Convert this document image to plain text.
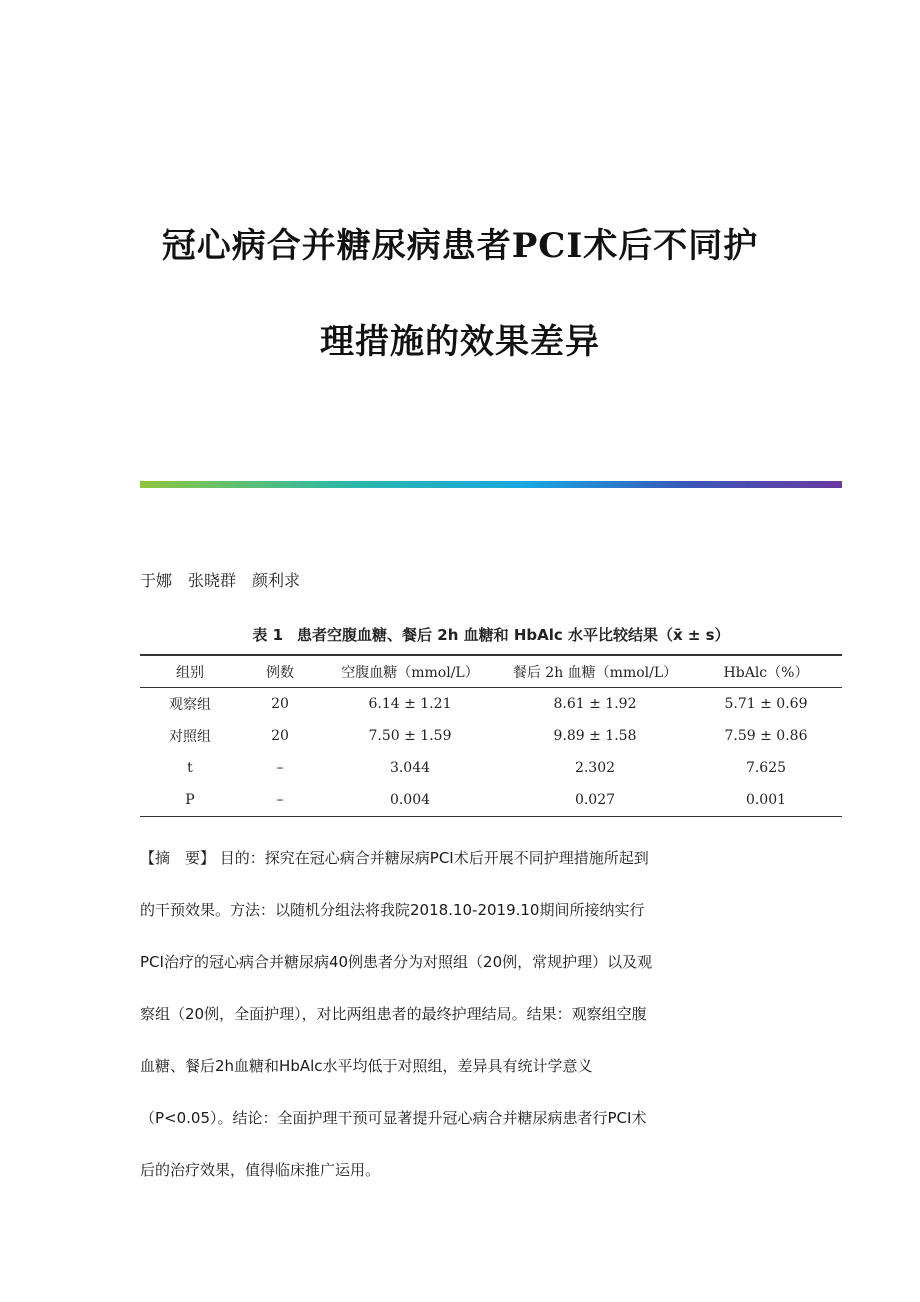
冠心病合并糖尿病患者PCI术后不同护
理措施的效果差异
于娜　张晓群　颜利求
表 1 患者空腹血糖、餐后 2h 血糖和 HbAlc 水平比较结果（x̄ ± s）
组别	例数	空腹血糖（mmol/L）	餐后 2h 血糖（mmol/L）	HbAlc（%）
观察组	20	6.14 ± 1.21	8.61 ± 1.92	5.71 ± 0.69
对照组	20	7.50 ± 1.59	9.89 ± 1.58	7.59 ± 0.86
t	–	3.044	2.302	7.625
P	–	0.004	0.027	0.001
【摘　要】 目的：探究在冠心病合并糖尿病PCI术后开展不同护理措施所起到
的干预效果。方法：以随机分组法将我院2018.10-2019.10期间所接纳实行
PCI治疗的冠心病合并糖尿病40例患者分为对照组（20例，常规护理）以及观
察组（20例，全面护理），对比两组患者的最终护理结局。结果：观察组空腹
血糖、餐后2h血糖和HbAlc水平均低于对照组，差异具有统计学意义
（P<0.05）。结论：全面护理干预可显著提升冠心病合并糖尿病患者行PCI术
后的治疗效果，值得临床推广运用。
